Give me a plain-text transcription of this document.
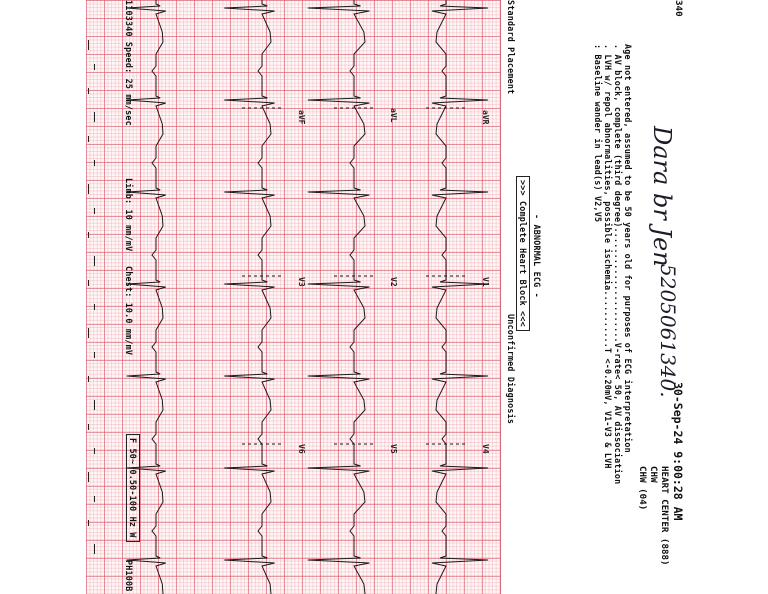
340
30-Sep-24 9:00:28 AM
HEART CENTER (888)
CHW
CHW (04)
Dara br Jen
5205061340.
Age not entered, assumed to be 50 years old for purposes of ECG interpretation
. AV block, complete (third degree)......................V-rate< 50, AV dissociation
. LVH w/ repol abnormalities, possible ischemia...........T <-0.20mV, V1-V3 & LVH
: Baseline wander in lead(s) V2,V5
- ABNORMAL ECG -
>>> Complete Heart Block <<<
Unconfirmed Diagnosis
Standard Placement
1103340 Speed: 25 mm/sec
Limb: 10 mm/mV
Chest: 10.0 mm/mV
F 50~ 0.50-100 Hz W
PH100B
aVR
V1
V4
aVL
V2
V5
aVF
V3
V6
